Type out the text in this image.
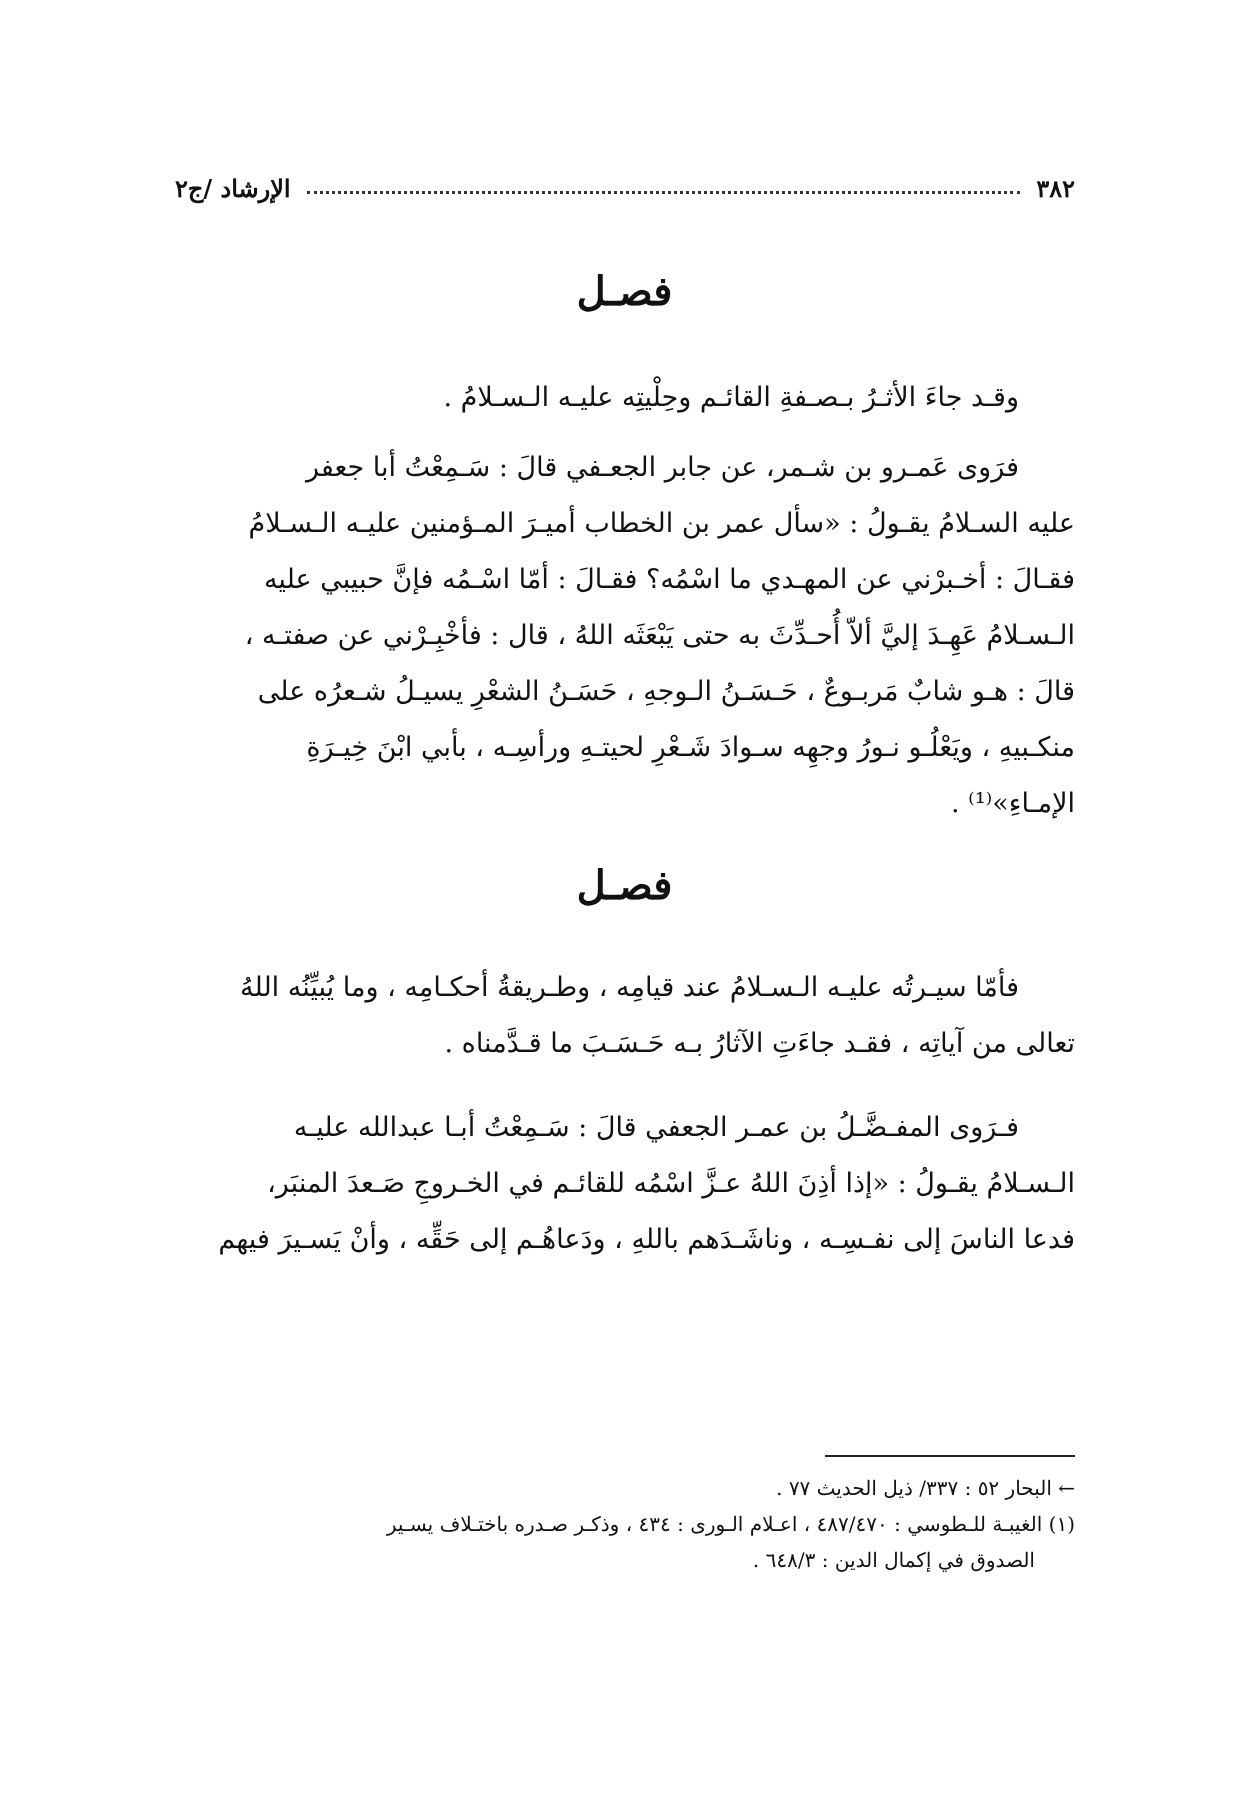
٣٨٢
الإرشاد /ج٢
فصـل
وقـد جاءَ الأثـرُ بـصـفةِ القائـم وحِلْيتِه عليـه الـسـلامُ .
فرَوى عَمـرو بن شـمر، عن جابر الجعـفي قالَ : سَـمِعْتُ أبا جعفر
عليه السـلامُ يقـولُ : «سأل عمر بن الخطاب أميـرَ المـؤمنين عليـه الـسـلامُ
فقـالَ : أخـبرْني عن المهـدي ما اسْمُه؟ فقـالَ : أمّا اسْـمُه فإنَّ حبيبي عليه
الـسـلامُ عَهِـدَ إليَّ ألاّ أُحـدِّثَ به حتى يَبْعَثَه اللهُ ، قال : فأخْبِـرْني عن صفتـه ،
قالَ : هـو شابٌ مَربـوعٌ ، حَـسَـنُ الـوجهِ ، حَسَـنُ الشعْرِ يسيـلُ شـعرُه على
منكـبيهِ ، ويَعْلُـو نـورُ وجهِه سـوادَ شَـعْرِ لحيتـهِ ورأسِـه ، بأبي ابْنَ خِيـرَةِ
الإمـاءِ»⁽¹⁾ .
فصـل
فأمّا سيـرتُه عليـه الـسـلامُ عند قيامِه ، وطـريقةُ أحكـامِه ، وما يُبيِّنُه اللهُ
تعالى من آياتِه ، فقـد جاءَتِ الآثارُ بـه حَـسَـبَ ما قـدَّمناه .
فـرَوى المفـضَّـلُ بن عمـر الجعفي قالَ : سَـمِعْتُ أبـا عبدالله عليـه
الـسـلامُ يقـولُ : «إذا أذِنَ اللهُ عـزَّ اسْمُه للقائـم في الخـروجِ صَـعدَ المنبَر،
فدعا الناسَ إلى نفـسِـه ، وناشَـدَهم باللهِ ، ودَعاهُـم إلى حَقِّه ، وأنْ يَسـيرَ فيهم
← البحار ٥٢ : ٣٣٧/ ذيل الحديث ٧٧ .
(١) الغيبـة للـطوسي : ٤٨٧/٤٧٠ ، اعـلام الـورى : ٤٣٤ ، وذكـر صـدره باختـلاف يسـير
الصدوق في إكمال الدين : ٦٤٨/٣ .
